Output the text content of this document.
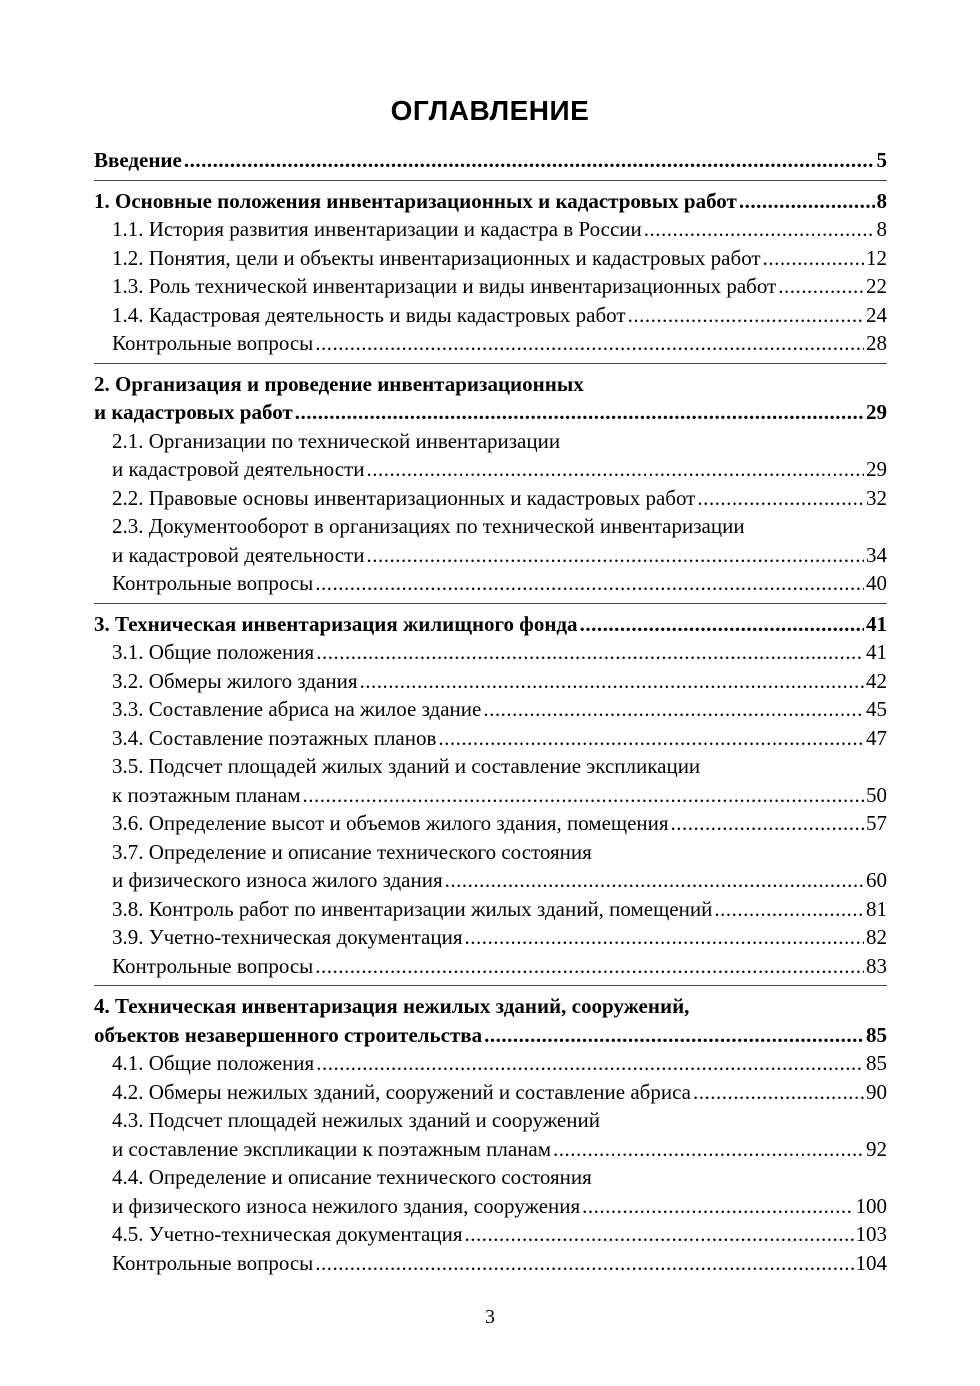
ОГЛАВЛЕНИЕ
Введение .....	5
1. Основные положения инвентаризационных и кадастровых работ .....	8
1.1. История развития инвентаризации и кадастра в России .....	8
1.2. Понятия, цели и объекты инвентаризационных и кадастровых работ .....	12
1.3. Роль технической инвентаризации и виды инвентаризационных работ .....	22
1.4. Кадастровая деятельность и виды кадастровых работ .....	24
Контрольные вопросы .....	28
2. Организация и проведение инвентаризационных
и кадастровых работ .....	29
2.1. Организации по технической инвентаризации
и кадастровой деятельности .....	29
2.2. Правовые основы инвентаризационных и кадастровых работ .....	32
2.3. Документооборот в организациях по технической инвентаризации
и кадастровой деятельности .....	34
Контрольные вопросы .....	40
3. Техническая инвентаризация жилищного фонда .....	41
3.1. Общие положения .....	41
3.2. Обмеры жилого здания .....	42
3.3. Составление абриса на жилое здание .....	45
3.4. Составление поэтажных планов .....	47
3.5. Подсчет площадей жилых зданий и составление экспликации
к поэтажным планам .....	50
3.6. Определение высот и объемов жилого здания, помещения .....	57
3.7. Определение и описание технического состояния
и физического износа жилого здания .....	60
3.8. Контроль работ по инвентаризации жилых зданий, помещений .....	81
3.9. Учетно-техническая документация .....	82
Контрольные вопросы .....	83
4. Техническая инвентаризация нежилых зданий, сооружений,
объектов незавершенного строительства .....	85
4.1. Общие положения .....	85
4.2. Обмеры нежилых зданий, сооружений и составление абриса .....	90
4.3. Подсчет площадей нежилых зданий и сооружений
и составление экспликации к поэтажным планам .....	92
4.4. Определение и описание технического состояния
и физического износа нежилого здания, сооружения .....	100
4.5. Учетно-техническая документация .....	103
Контрольные вопросы .....	104
3
